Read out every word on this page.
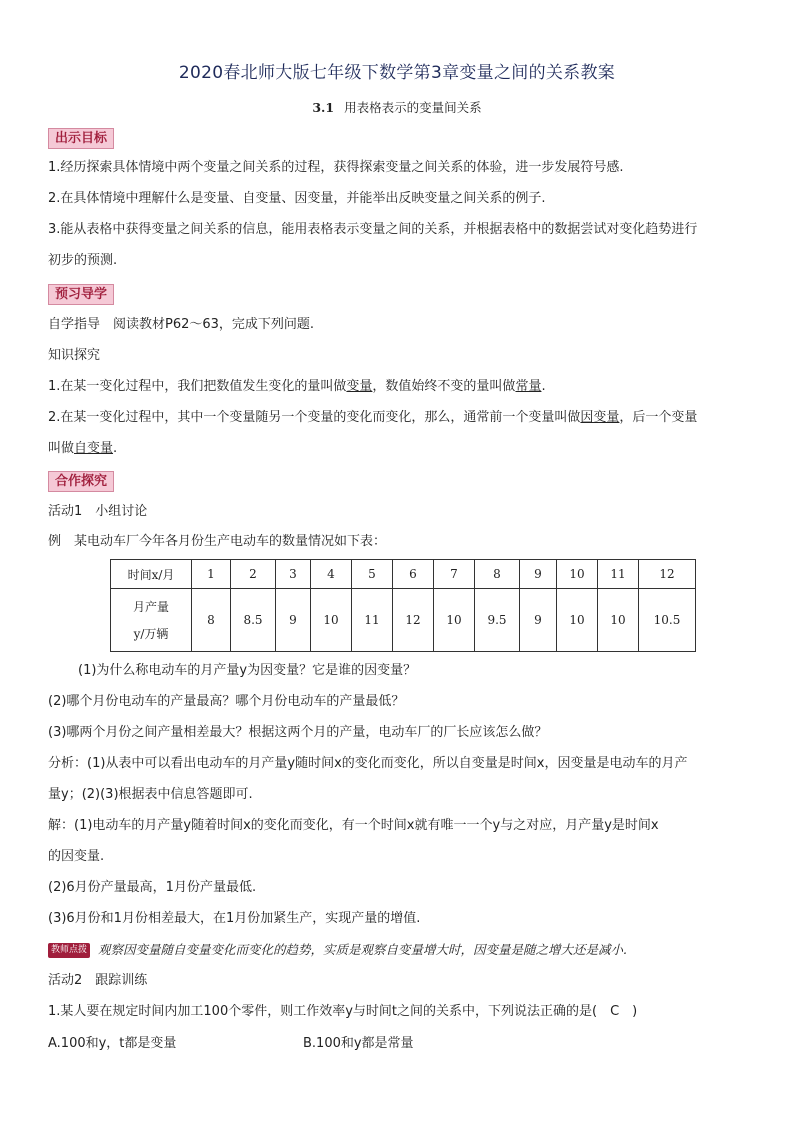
2020春北师大版七年级下数学第3章变量之间的关系教案
3.1 用表格表示的变量间关系
出示目标
1.经历探索具体情境中两个变量之间关系的过程，获得探索变量之间关系的体验，进一步发展符号感.
2.在具体情境中理解什么是变量、自变量、因变量，并能举出反映变量之间关系的例子.
3.能从表格中获得变量之间关系的信息，能用表格表示变量之间的关系，并根据表格中的数据尝试对变化趋势进行
初步的预测.
预习导学
自学指导　阅读教材P62～63，完成下列问题.
知识探究
1.在某一变化过程中，我们把数值发生变化的量叫做变量，数值始终不变的量叫做常量.
2.在某一变化过程中，其中一个变量随另一个变量的变化而变化，那么，通常前一个变量叫做因变量，后一个变量
叫做自变量.
合作探究
活动1　小组讨论
例　某电动车厂今年各月份生产电动车的数量情况如下表：
时间x/月	1	2	3	4	5	6	7	8	9	10	11	12

月产量
y/万辆	8	8.5	9	10	11	12	10	9.5	9	10	10	10.5
(1)为什么称电动车的月产量y为因变量？它是谁的因变量？
(2)哪个月份电动车的产量最高？哪个月份电动车的产量最低？
(3)哪两个月份之间产量相差最大？根据这两个月的产量，电动车厂的厂长应该怎么做？
分析：(1)从表中可以看出电动车的月产量y随时间x的变化而变化，所以自变量是时间x，因变量是电动车的月产
量y；(2)(3)根据表中信息答题即可.
解：(1)电动车的月产量y随着时间x的变化而变化，有一个时间x就有唯一一个y与之对应，月产量y是时间x
的因变量.
(2)6月份产量最高，1月份产量最低.
(3)6月份和1月份相差最大，在1月份加紧生产，实现产量的增值.
教师点拨 观察因变量随自变量变化而变化的趋势，实质是观察自变量增大时，因变量是随之增大还是减小.
活动2　跟踪训练
1.某人要在规定时间内加工100个零件，则工作效率y与时间t之间的关系中，下列说法正确的是(　C　)
A.100和y，t都是变量	B.100和y都是常量
